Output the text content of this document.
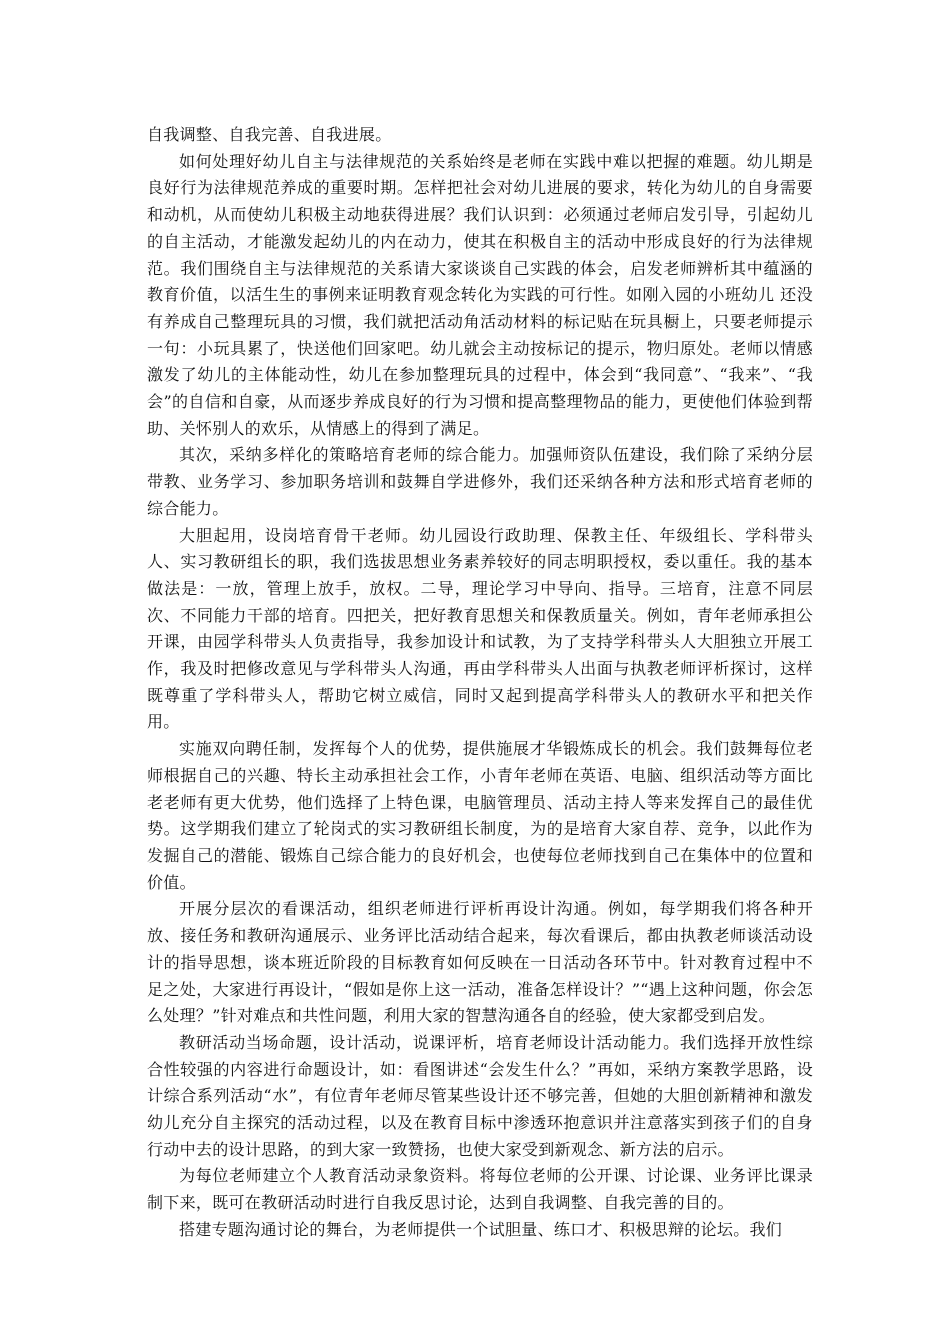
自我调整、自我完善、自我进展。

如何处理好幼儿自主与法律规范的关系始终是老师在实践中难以把握的难题。幼儿期是良好行为法律规范养成的重要时期。怎样把社会对幼儿进展的要求，转化为幼儿的自身需要和动机，从而使幼儿积极主动地获得进展？我们认识到：必须通过老师启发引导，引起幼儿的自主活动，才能激发起幼儿的内在动力，使其在积极自主的活动中形成良好的行为法律规范。我们围绕自主与法律规范的关系请大家谈谈自己实践的体会，启发老师辨析其中蕴涵的教育价值，以活生生的事例来证明教育观念转化为实践的可行性。如刚入园的小班幼儿 还没有养成自己整理玩具的习惯，我们就把活动角活动材料的标记贴在玩具橱上，只要老师提示一句：小玩具累了，快送他们回家吧。幼儿就会主动按标记的提示，物归原处。老师以情感激发了幼儿的主体能动性，幼儿在参加整理玩具的过程中，体会到“我同意”、“我来”、“我会”的自信和自豪，从而逐步养成良好的行为习惯和提高整理物品的能力，更使他们体验到帮助、关怀别人的欢乐，从情感上的得到了满足。

其次，采纳多样化的策略培育老师的综合能力。加强师资队伍建设，我们除了采纳分层带教、业务学习、参加职务培训和鼓舞自学进修外，我们还采纳各种方法和形式培育老师的综合能力。

大胆起用，设岗培育骨干老师。幼儿园设行政助理、保教主任、年级组长、学科带头人、实习教研组长的职，我们选拔思想业务素养较好的同志明职授权，委以重任。我的基本做法是：一放，管理上放手，放权。二导，理论学习中导向、指导。三培育，注意不同层次、不同能力干部的培育。四把关，把好教育思想关和保教质量关。例如，青年老师承担公开课，由园学科带头人负责指导，我参加设计和试教，为了支持学科带头人大胆独立开展工作，我及时把修改意见与学科带头人沟通，再由学科带头人出面与执教老师评析探讨，这样既尊重了学科带头人，帮助它树立威信，同时又起到提高学科带头人的教研水平和把关作用。

实施双向聘任制，发挥每个人的优势，提供施展才华锻炼成长的机会。我们鼓舞每位老师根据自己的兴趣、特长主动承担社会工作，小青年老师在英语、电脑、组织活动等方面比老老师有更大优势，他们选择了上特色课，电脑管理员、活动主持人等来发挥自己的最佳优势。这学期我们建立了轮岗式的实习教研组长制度，为的是培育大家自荐、竞争，以此作为发掘自己的潜能、锻炼自己综合能力的良好机会，也使每位老师找到自己在集体中的位置和价值。

开展分层次的看课活动，组织老师进行评析再设计沟通。例如，每学期我们将各种开放、接任务和教研沟通展示、业务评比活动结合起来，每次看课后，都由执教老师谈活动设计的指导思想，谈本班近阶段的目标教育如何反映在一日活动各环节中。针对教育过程中不足之处，大家进行再设计，“假如是你上这一活动，准备怎样设计？”“遇上这种问题，你会怎么处理？”针对难点和共性问题，利用大家的智慧沟通各自的经验，使大家都受到启发。

教研活动当场命题，设计活动，说课评析，培育老师设计活动能力。我们选择开放性综合性较强的内容进行命题设计，如：看图讲述“会发生什么？”再如，采纳方案教学思路，设计综合系列活动“水”，有位青年老师尽管某些设计还不够完善，但她的大胆创新精神和激发幼儿充分自主探究的活动过程，以及在教育目标中渗透环抱意识并注意落实到孩子们的自身行动中去的设计思路，的到大家一致赞扬，也使大家受到新观念、新方法的启示。

为每位老师建立个人教育活动录象资料。将每位老师的公开课、讨论课、业务评比课录制下来，既可在教研活动时进行自我反思讨论，达到自我调整、自我完善的目的。

搭建专题沟通讨论的舞台，为老师提供一个试胆量、练口才、积极思辩的论坛。我们
